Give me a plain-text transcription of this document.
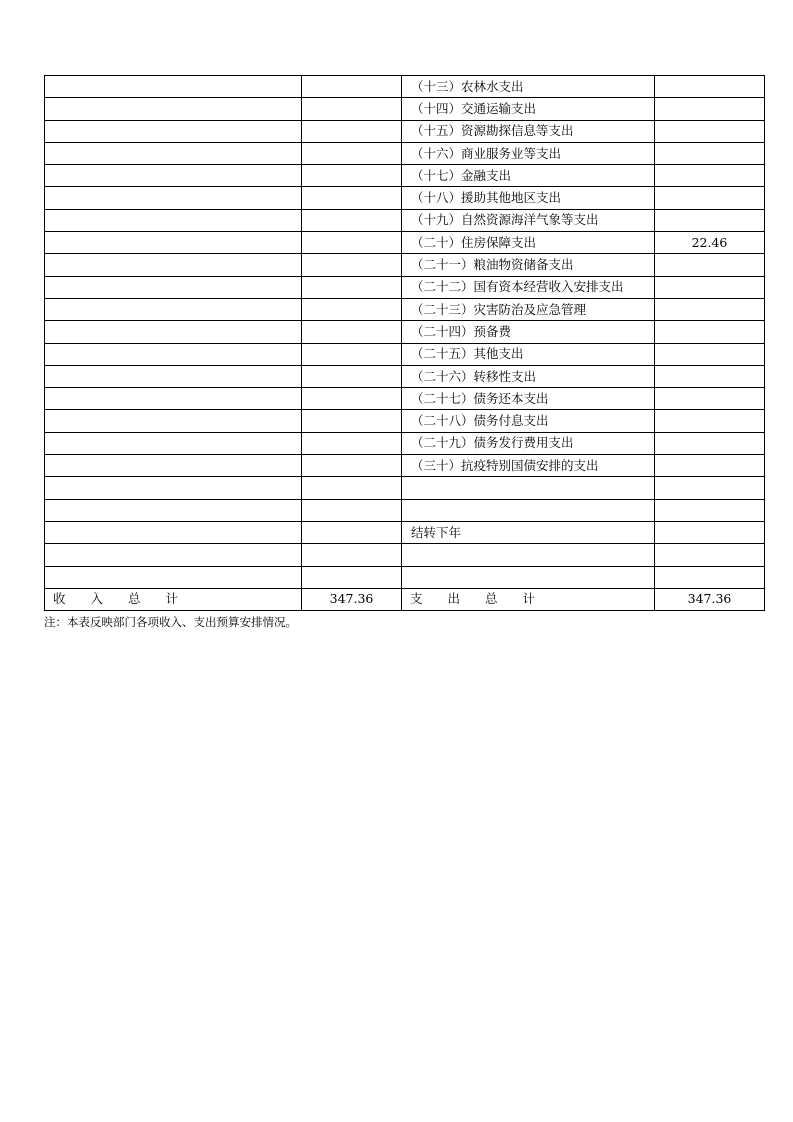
		（十三）农林水支出	
		（十四）交通运输支出	
		（十五）资源勘探信息等支出	
		（十六）商业服务业等支出	
		（十七）金融支出	
		（十八）援助其他地区支出	
		（十九）自然资源海洋气象等支出	
		（二十）住房保障支出	22.46
		（二十一）粮油物资储备支出	
		（二十二）国有资本经营收入安排支出	
		（二十三）灾害防治及应急管理	
		（二十四）预备费	
		（二十五）其他支出	
		（二十六）转移性支出	
		（二十七）债务还本支出	
		（二十八）债务付息支出	
		（二十九）债务发行费用支出	
		（三十）抗疫特别国债安排的支出	

		结转下年	

收　　入　　总　　计	347.36	支　　出　　总　　计	347.36
注：本表反映部门各项收入、支出预算安排情况。
